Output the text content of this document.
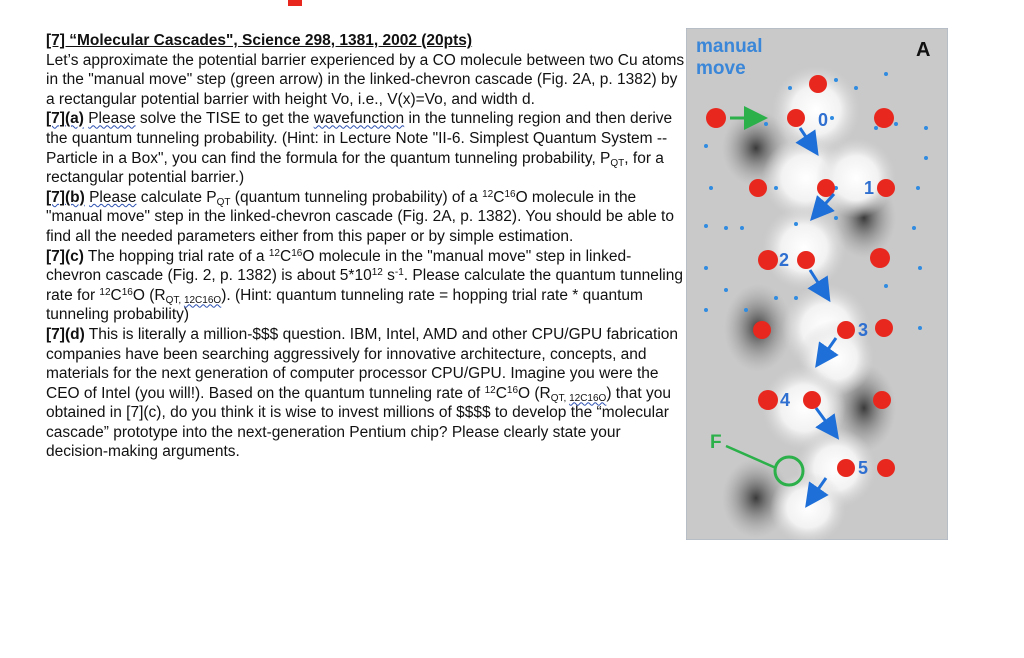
[7] “Molecular Cascades", Science 298, 1381, 2002 (20pts)

Let’s approximate the potential barrier experienced by a CO molecule between two Cu atoms in the "manual move" step (green arrow) in the linked-chevron cascade (Fig. 2A, p. 1382) by a rectangular potential barrier with height Vo, i.e., V(x)=Vo, and width d.

[7](a) Please solve the TISE to get the wavefunction in the tunneling region and then derive the quantum tunneling probability. (Hint: in Lecture Note "II-6. Simplest Quantum System -- Particle in a Box", you can find the formula for the quantum tunneling probability, $P_{QT}$, for a rectangular potential barrier.)

[7](b) Please calculate $P_{QT}$ (quantum tunneling probability) of a $^{12}C^{16}O$ molecule in the "manual move" step in the linked-chevron cascade (Fig. 2A, p. 1382). You should be able to find all the needed parameters either from this paper or by simple estimation.

[7](c) The hopping trial rate of a $^{12}C^{16}O$ molecule in the "manual move" step in linked-chevron cascade (Fig. 2, p. 1382) is about $5*10^{12}$ $s^{-1}$. Please calculate the quantum tunneling rate for $^{12}C^{16}O$ ($R_{QT,}$ $_{12C16O}$). (Hint: quantum tunneling rate = hopping trial rate * quantum tunneling probability)

[7](d) This is literally a million-$$$ question. IBM, Intel, AMD and other CPU/GPU fabrication companies have been searching aggressively for innovative architecture, concepts, and materials for the next generation of computer processor CPU/GPU. Imagine you were the CEO of Intel (you will!). Based on the quantum tunneling rate of $^{12}C^{16}O$ ($R_{QT,}$ $_{12C16O}$) that you obtained in [7](c), do you think it is wise to invest millions of $$$$ to develop the “molecular cascade” prototype into the next-generation Pentium chip? Please clearly state your decision-making arguments.

manual
move
A
0
1
2
3
4
5
F
